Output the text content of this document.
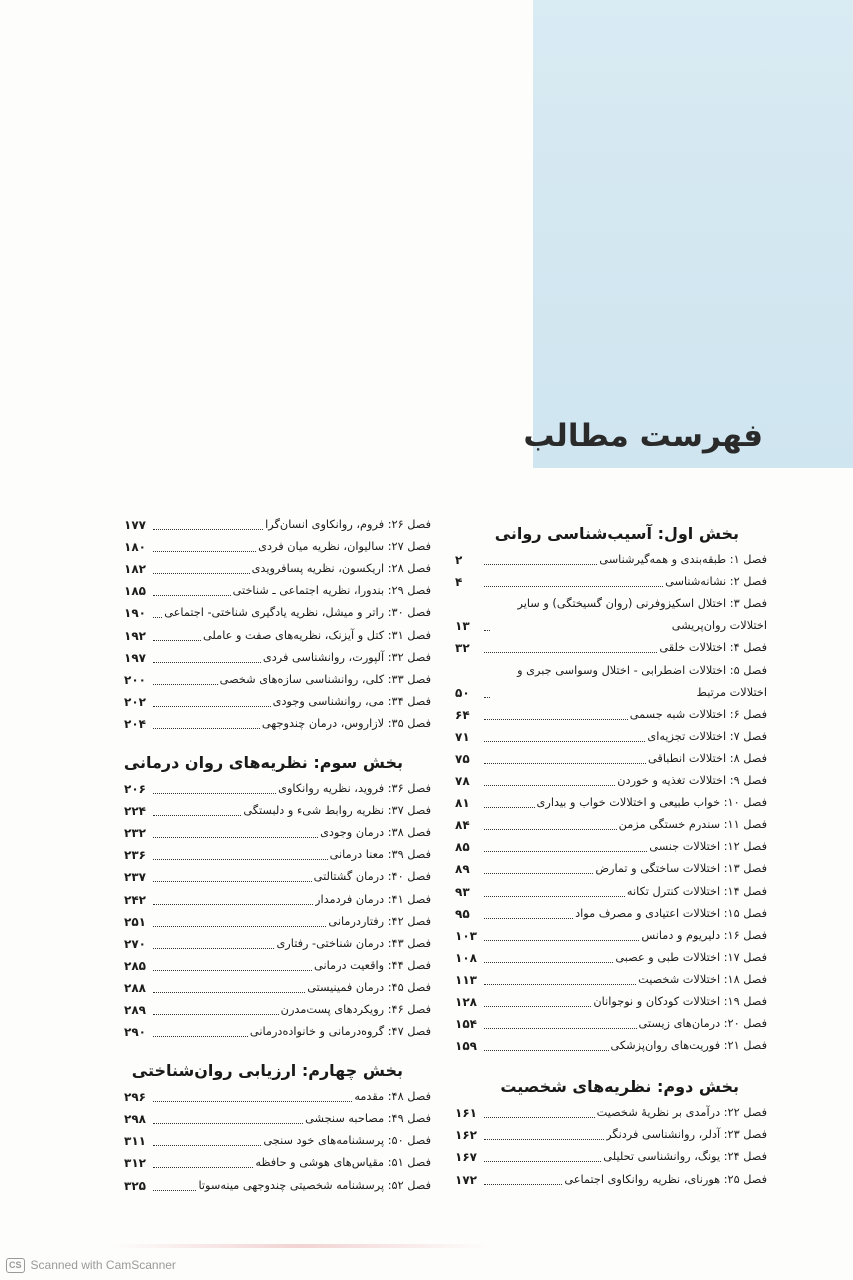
فهرست مطالب
بخش اول: آسیب‌شناسی روانی
فصل ۱: طبقه‌بندی و همه‌گیرشناسی
۲
فصل ۲: نشانه‌شناسی
۴
فصل ۳: اختلال اسکیزوفرنی (روان گسیختگی) و سایر اختلالات روان‌پریشی
۱۳
فصل ۴: اختلالات خلقی
۳۲
فصل ۵: اختلالات اضطرابی - اختلال وسواسی جبری و اختلالات مرتبط
۵۰
فصل ۶: اختلالات شبه جسمی
۶۴
فصل ۷: اختلالات تجزیه‌ای
۷۱
فصل ۸: اختلالات انطباقی
۷۵
فصل ۹: اختلالات تغذیه و خوردن
۷۸
فصل ۱۰: خواب طبیعی و اختلالات خواب و بیداری
۸۱
فصل ۱۱: سندرم خستگی مزمن
۸۴
فصل ۱۲: اختلالات جنسی
۸۵
فصل ۱۳: اختلالات ساختگی و تمارض
۸۹
فصل ۱۴: اختلالات کنترل تکانه
۹۳
فصل ۱۵: اختلالات اعتیادی و مصرف مواد
۹۵
فصل ۱۶: دلیریوم و دمانس
۱۰۳
فصل ۱۷: اختلالات طبی و عصبی
۱۰۸
فصل ۱۸: اختلالات شخصیت
۱۱۳
فصل ۱۹: اختلالات کودکان و نوجوانان
۱۲۸
فصل ۲۰: درمان‌های زیستی
۱۵۴
فصل ۲۱: فوریت‌های روان‌پزشکی
۱۵۹
بخش دوم: نظریه‌های شخصیت
فصل ۲۲: درآمدی بر نظریهٔ شخصیت
۱۶۱
فصل ۲۳: آدلر، روانشناسی فردنگر
۱۶۲
فصل ۲۴: یونگ، روانشناسی تحلیلی
۱۶۷
فصل ۲۵: هورنای، نظریه روانکاوی اجتماعی
۱۷۲
فصل ۲۶: فروم، روانکاوی انسان‌گرا
۱۷۷
فصل ۲۷: سالیوان، نظریه میان فردی
۱۸۰
فصل ۲۸: اریکسون، نظریه پسافرویدی
۱۸۲
فصل ۲۹: بندورا، نظریه اجتماعی ـ شناختی
۱۸۵
فصل ۳۰: راتر و میشل، نظریه یادگیری شناختی- اجتماعی
۱۹۰
فصل ۳۱: کتل و آیزنک، نظریه‌های صفت و عاملی
۱۹۲
فصل ۳۲: آلپورت، روانشناسی فردی
۱۹۷
فصل ۳۳: کلی، روانشناسی سازه‌های شخصی
۲۰۰
فصل ۳۴: می، روانشناسی وجودی
۲۰۲
فصل ۳۵: لازاروس، درمان چندوجهی
۲۰۴
بخش سوم: نظریه‌های روان درمانی
فصل ۳۶: فروید، نظریه روانکاوی
۲۰۶
فصل ۳۷: نظریه روابط شیء و دلبستگی
۲۲۴
فصل ۳۸: درمان وجودی
۲۳۲
فصل ۳۹: معنا درمانی
۲۳۶
فصل ۴۰: درمان گشتالتی
۲۳۷
فصل ۴۱: درمان فردمدار
۲۴۲
فصل ۴۲: رفتاردرمانی
۲۵۱
فصل ۴۳: درمان شناختی- رفتاری
۲۷۰
فصل ۴۴: واقعیت درمانی
۲۸۵
فصل ۴۵: درمان فمینیستی
۲۸۸
فصل ۴۶: رویکردهای پست‌مدرن
۲۸۹
فصل ۴۷: گروه‌درمانی و خانواده‌درمانی
۲۹۰
بخش چهارم: ارزیابی روان‌شناختی
فصل ۴۸: مقدمه
۲۹۶
فصل ۴۹: مصاحبه سنجشی
۲۹۸
فصل ۵۰: پرسشنامه‌های خود سنجی
۳۱۱
فصل ۵۱: مقیاس‌های هوشی و حافظه
۳۱۲
فصل ۵۲: پرسشنامه شخصیتی چندوجهی مینه‌سوتا
۳۲۵
CS Scanned with CamScanner
